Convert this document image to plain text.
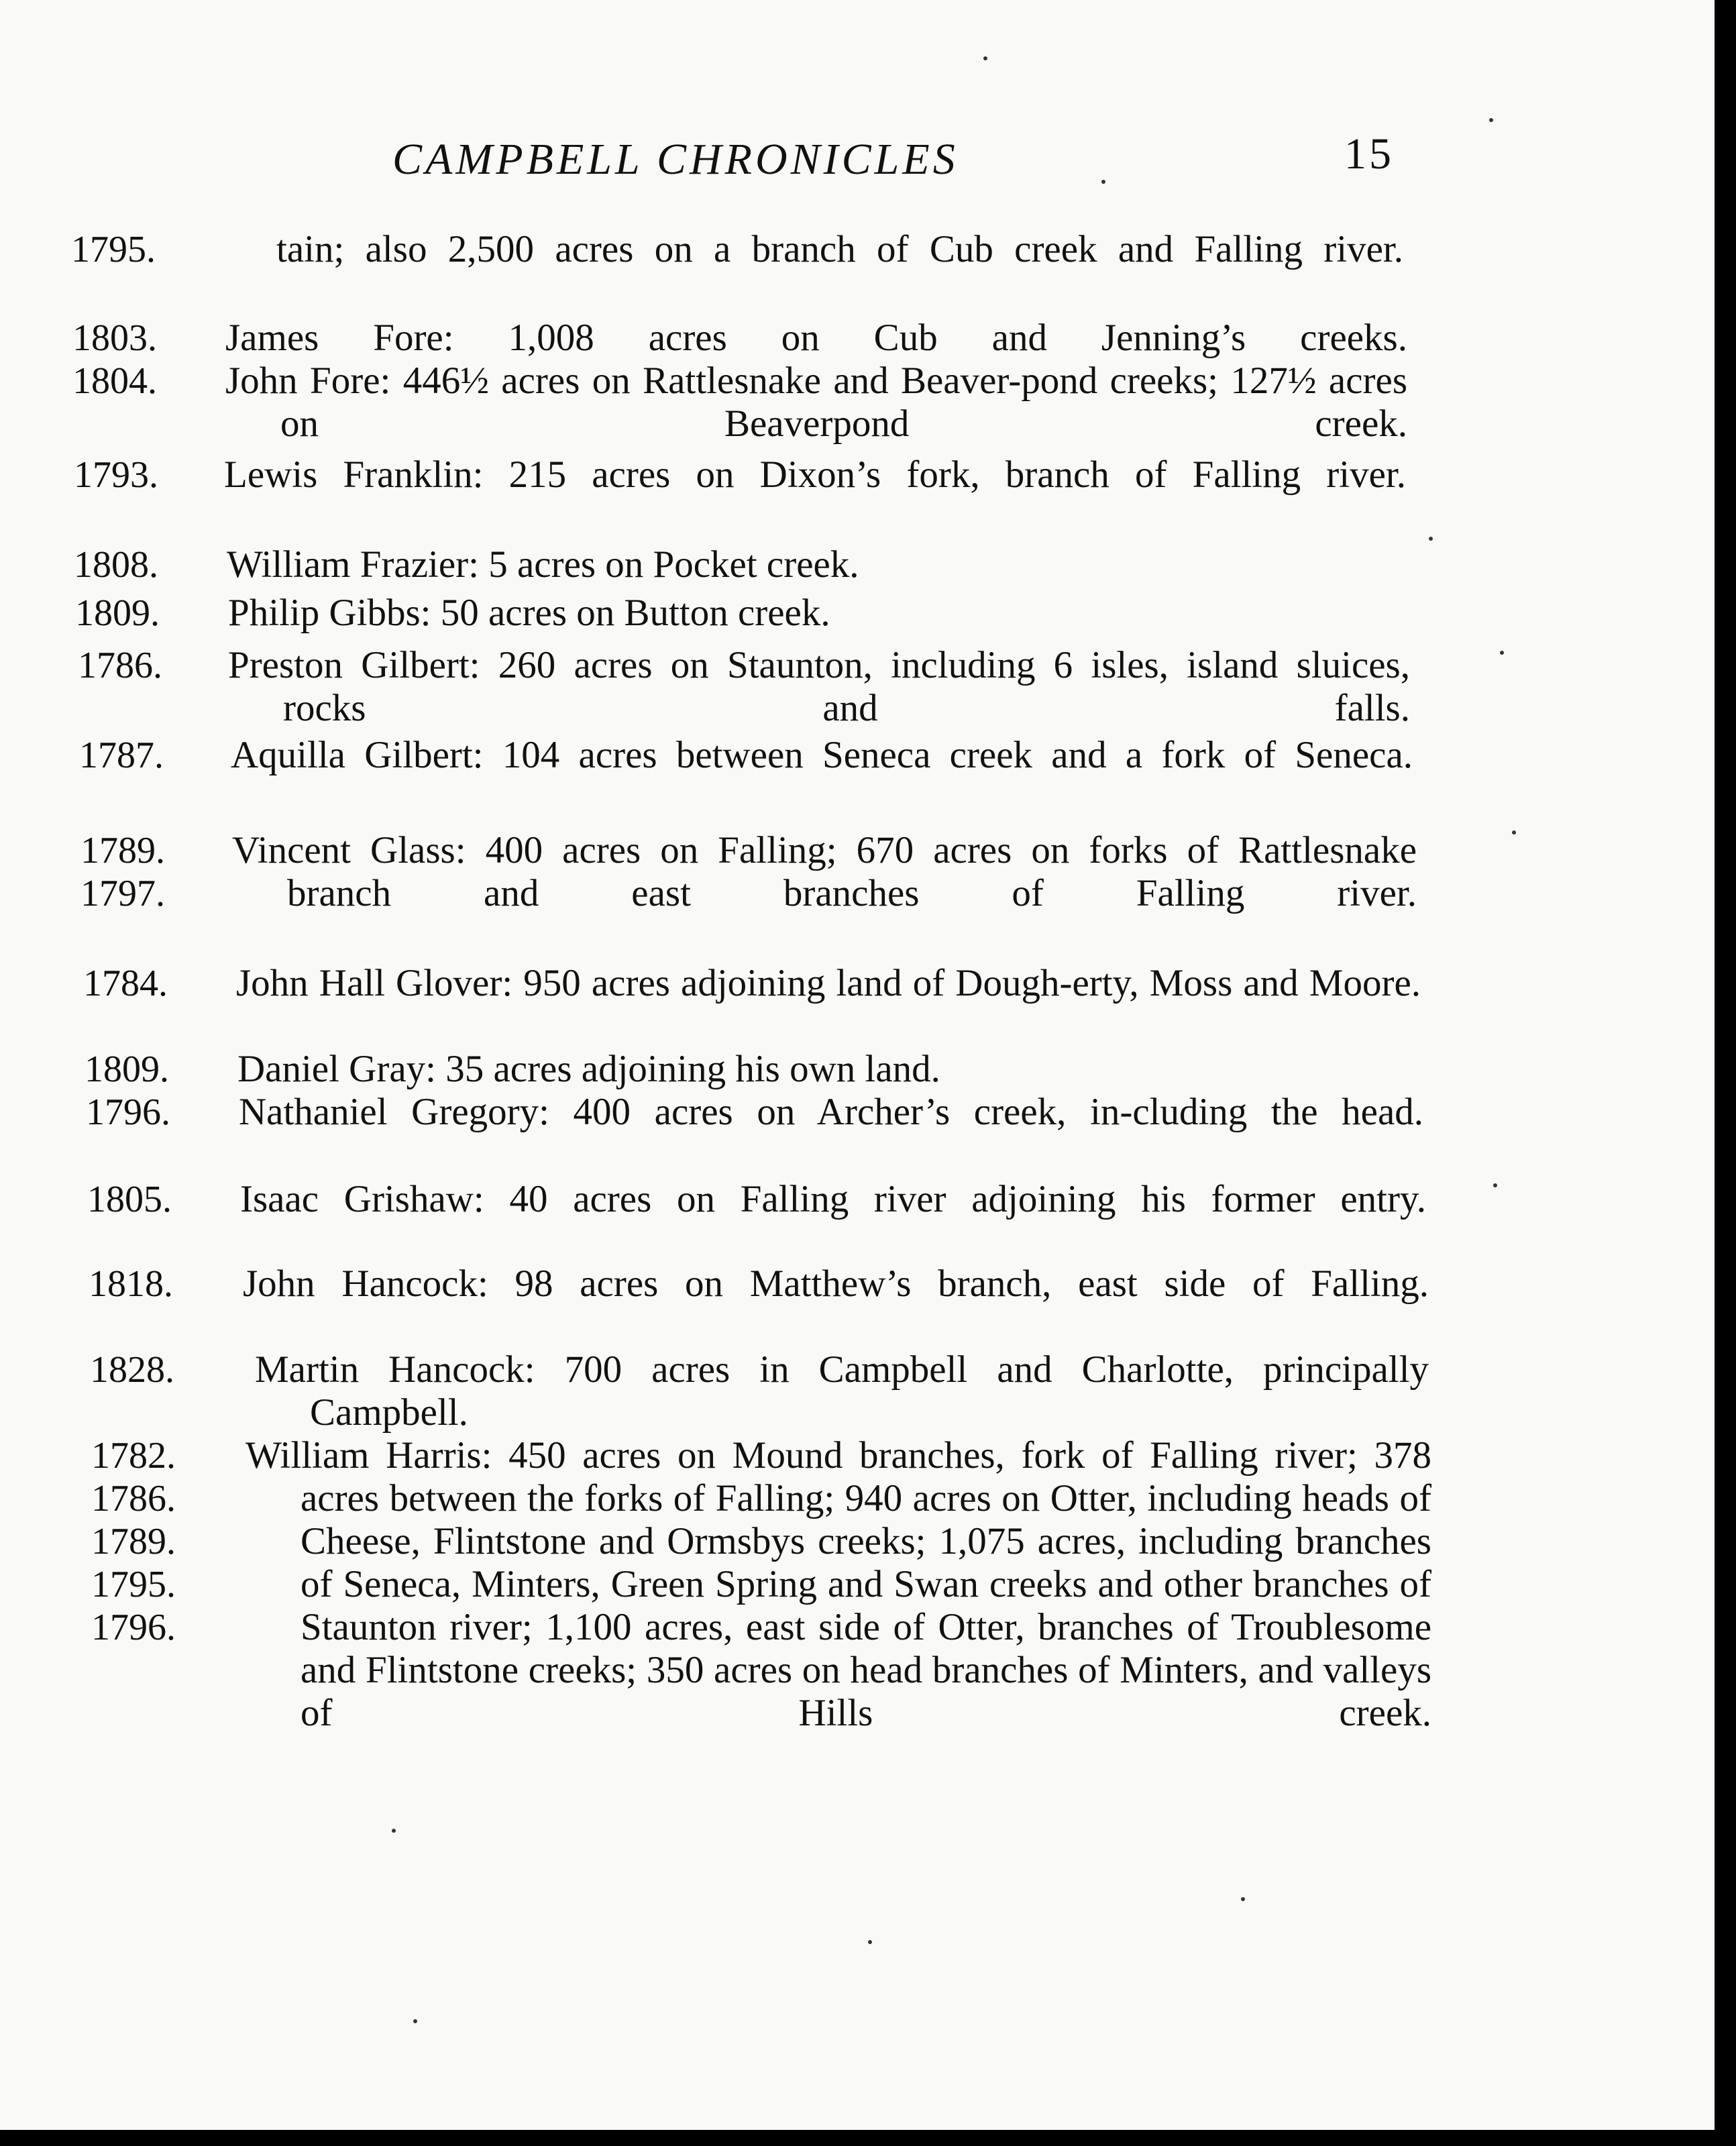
CAMPBELL CHRONICLES	15
1795.	tain; also 2,500 acres on a branch of Cub creek and Falling river.
1803. James Fore: 1,008 acres on Cub and Jenning’s creeks.
1804. John Fore: 446½ acres on Rattlesnake and Beaver-pond creeks; 127½ acres on Beaverpond creek.
1793. Lewis Franklin: 215 acres on Dixon’s fork, branch of Falling river.
1808. William Frazier: 5 acres on Pocket creek.
1809. Philip Gibbs: 50 acres on Button creek.
1786. Preston Gilbert: 260 acres on Staunton, including 6 isles, island sluices, rocks and falls.
1787. Aquilla Gilbert: 104 acres between Seneca creek and a fork of Seneca.
1789.
1797.
Vincent Glass: 400 acres on Falling; 670 acres on forks of Rattlesnake branch and east branches of Falling river.
1784. John Hall Glover: 950 acres adjoining land of Dough-erty, Moss and Moore.
1809. Daniel Gray: 35 acres adjoining his own land.
1796. Nathaniel Gregory: 400 acres on Archer’s creek, in-cluding the head.
1805. Isaac Grishaw: 40 acres on Falling river adjoining his former entry.
1818. John Hancock: 98 acres on Matthew’s branch, east side of Falling.
1828. Martin Hancock: 700 acres in Campbell and Charlotte, principally Campbell.
1782.
1786.
1789.
1795.
1796.
William Harris: 450 acres on Mound branches, fork of Falling river; 378 acres between the forks of Falling; 940 acres on Otter, including heads of Cheese, Flintstone and Ormsbys creeks; 1,075 acres, including branches of Seneca, Minters, Green Spring and Swan creeks and other branches of Staunton river; 1,100 acres, east side of Otter, branches of Troublesome and Flintstone creeks; 350 acres on head branches of Minters, and valleys of Hills creek.
